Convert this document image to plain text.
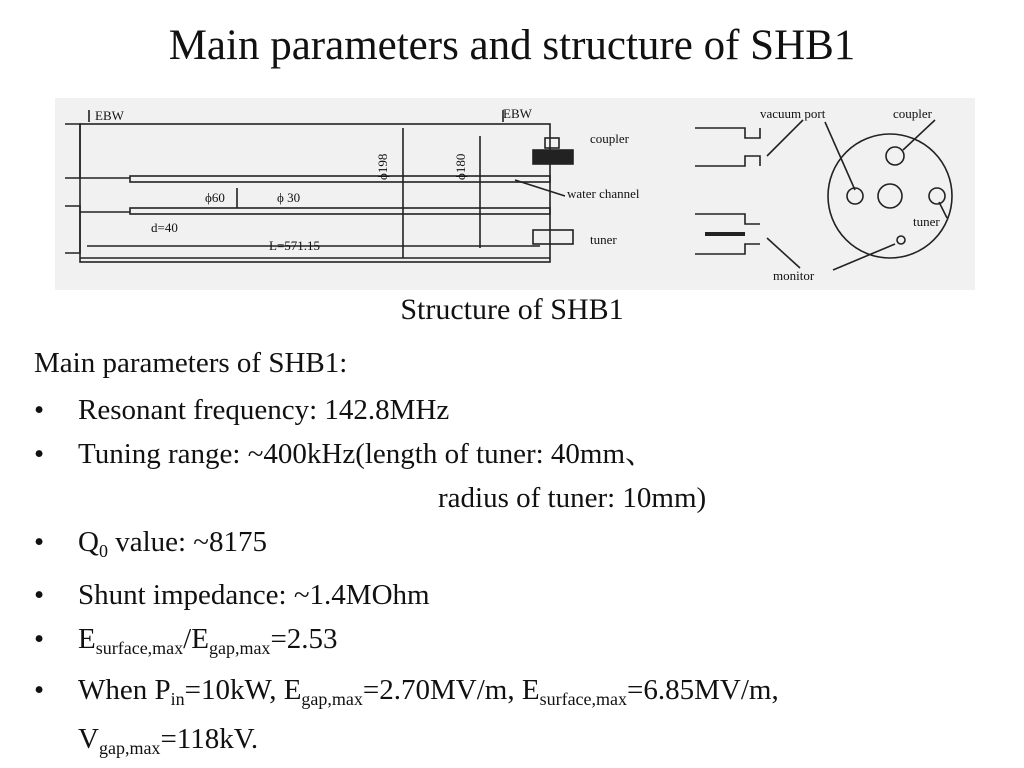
Main parameters and structure of SHB1
EBW	EBW
coupler
water channel
tuner
ϕ198	ϕ180
ϕ60	ϕ 30
d=40
L=571.15
vacuum port	coupler
tuner
monitor
Structure of SHB1
Main parameters of SHB1:
• Resonant frequency: 142.8MHz
• Tuning range: ~400kHz(length of tuner: 40mm、
radius of tuner: 10mm)
• $Q_0$ value: ~8175
• Shunt impedance: ~1.4MOhm
• $E_{surface,max}/E_{gap,max}=2.53$
• When $P_{in}=10kW$, $E_{gap,max}=2.70MV/m$, $E_{surface,max}=6.85MV/m$,
$V_{gap,max}=118kV$.
